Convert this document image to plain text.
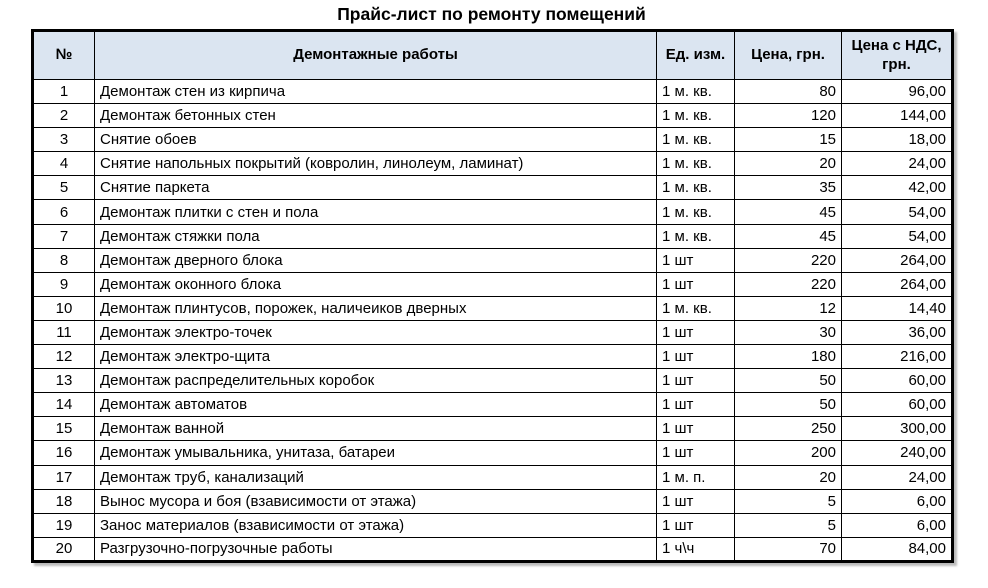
Прайс-лист по ремонту помещений
№	Демонтажные работы	Ед. изм.	Цена, грн.	Цена с НДС, грн.
1	Демонтаж стен из кирпича	1 м. кв.	80	96,00
2	Демонтаж бетонных стен	1 м. кв.	120	144,00
3	Снятие обоев	1 м. кв.	15	18,00
4	Снятие напольных покрытий (ковролин, линолеум, ламинат)	1 м. кв.	20	24,00
5	Снятие паркета	1 м. кв.	35	42,00
6	Демонтаж плитки с стен и пола	1 м. кв.	45	54,00
7	Демонтаж стяжки пола	1 м. кв.	45	54,00
8	Демонтаж дверного блока	1 шт	220	264,00
9	Демонтаж оконного блока	1 шт	220	264,00
10	Демонтаж плинтусов, порожек, наличеиков дверных	1 м. кв.	12	14,40
11	Демонтаж электро-точек	1 шт	30	36,00
12	Демонтаж электро-щита	1 шт	180	216,00
13	Демонтаж распределительных коробок	1 шт	50	60,00
14	Демонтаж автоматов	1 шт	50	60,00
15	Демонтаж ванной	1 шт	250	300,00
16	Демонтаж умывальника, унитаза, батареи	1 шт	200	240,00
17	Демонтаж труб, канализаций	1 м. п.	20	24,00
18	Вынос мусора и боя (взависимости от этажа)	1 шт	5	6,00
19	Занос материалов (взависимости от этажа)	1 шт	5	6,00
20	Разгрузочно-погрузочные работы	1 ч\ч	70	84,00
